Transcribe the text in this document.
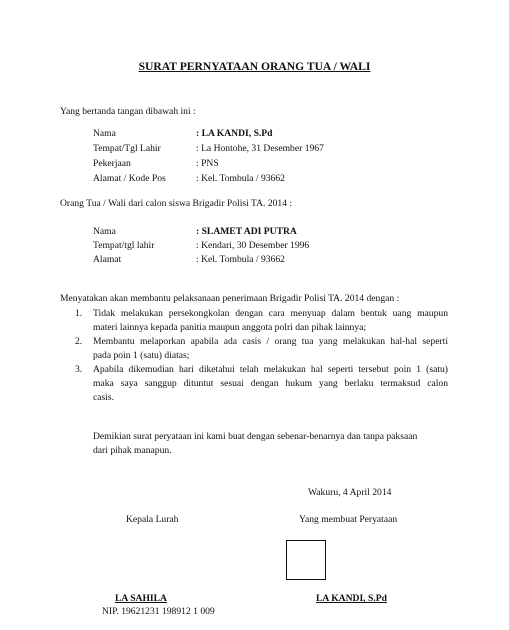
SURAT PERNYATAAN ORANG TUA / WALI
Yang bertanda tangan dibawah ini :
Nama	: LA KANDI, S.Pd
Tempat/Tgl Lahir	: La Hontohe, 31 Desember 1967
Pekerjaan	: PNS
Alamat / Kode Pos	: Kel. Tombula / 93662
Orang Tua / Wali dari calon siswa Brigadir Polisi TA. 2014 :
Nama	: SLAMET ADI PUTRA
Tempat/tgl lahir	: Kendari, 30 Desember 1996
Alamat	: Kel. Tombula / 93662
Menyatakan akan membantu pelaksanaan penerimaan Brigadir Polisi TA. 2014 dengan :
1. Tidak melakukan persekongkolan dengan cara menyuap dalam bentuk uang maupun
materi lainnya kepada panitia maupun anggota polri dan pihak lainnya;
2. Membantu melaporkan apabila ada casis / orang tua yang melakukan hal-hal seperti
pada poin 1 (satu) diatas;
3. Apabila dikemudian hari diketahui telah melakukan hal seperti tersebut poin 1 (satu)
maka saya sanggup dituntut sesuai dengan hukum yang berlaku termaksud calon
casis.
Demikian surat peryataan ini kami buat dengan sebenar-benarnya dan tanpa paksaan
dari pihak manapun.
Wakuru, 4 April 2014
Kepala Lurah	Yang membuat Peryataan
LA SAHILA	LA KANDI, S.Pd
NIP. 19621231 198912 1 009
